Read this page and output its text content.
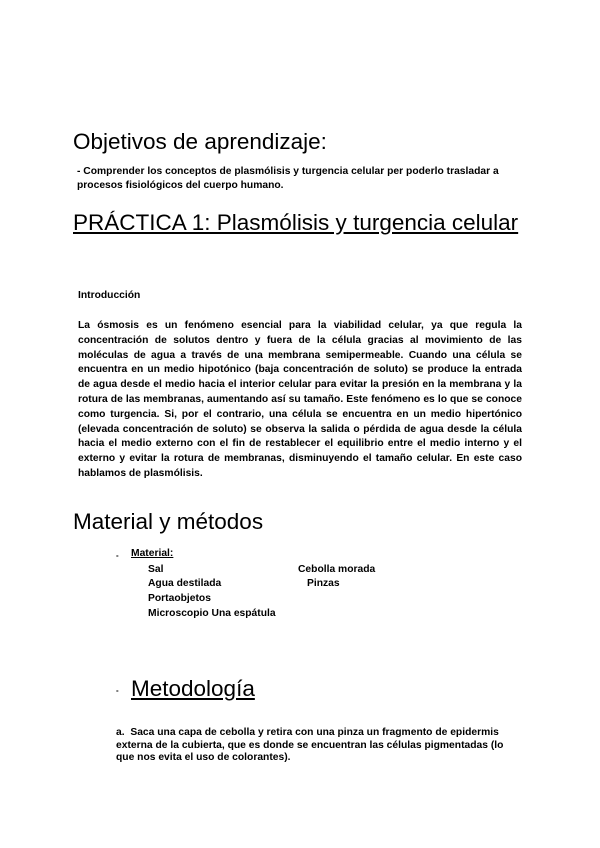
Objetivos de aprendizaje:
- Comprender los conceptos de plasmólisis y turgencia celular per poderlo trasladar a procesos fisiológicos del cuerpo humano.
PRÁCTICA 1: Plasmólisis y turgencia celular
Introducción
La ósmosis es un fenómeno esencial para la viabilidad celular, ya que regula la concentración de solutos dentro y fuera de la célula gracias al movimiento de las moléculas de agua a través de una membrana semipermeable. Cuando una célula se encuentra en un medio hipotónico (baja concentración de soluto) se produce la entrada de agua desde el medio hacia el interior celular para evitar la presión en la membrana y la rotura de las membranas, aumentando así su tamaño. Este fenómeno es lo que se conoce como turgencia. Si, por el contrario, una célula se encuentra en un medio hipertónico (elevada concentración de soluto) se observa la salida o pérdida de agua desde la célula hacia el medio externo con el fin de restablecer el equilibrio entre el medio interno y el externo y evitar la rotura de membranas, disminuyendo el tamaño celular. En este caso hablamos de plasmólisis.
Material y métodos
- Material:
Sal	Cebolla morada
Agua destilada	Pinzas
Portaobjetos
Microscopio Una espátula
- Metodología
a. Saca una capa de cebolla y retira con una pinza un fragmento de epidermis externa de la cubierta, que es donde se encuentran las células pigmentadas (lo que nos evita el uso de colorantes).
